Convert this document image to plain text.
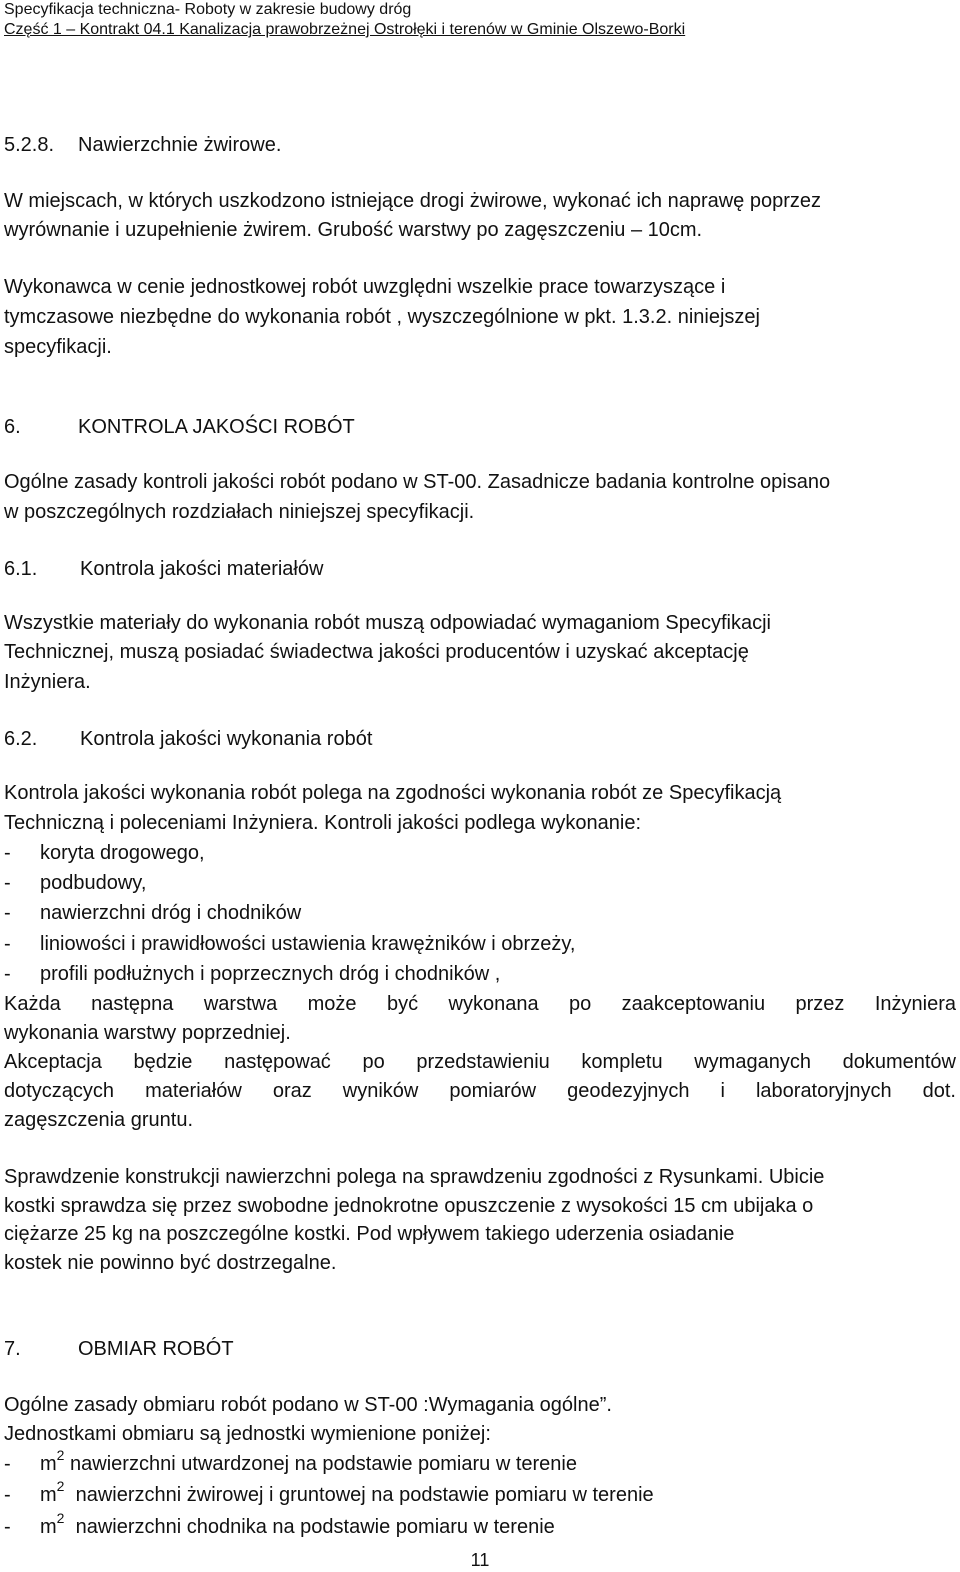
Specyfikacja techniczna- Roboty w zakresie budowy dróg
Część 1 – Kontrakt 04.1 Kanalizacja prawobrzeżnej Ostrołęki i terenów w Gminie Olszewo-Borki
5.2.8. Nawierzchnie żwirowe.
W miejscach, w których uszkodzono istniejące drogi żwirowe, wykonać ich naprawę poprzez
wyrównanie i uzupełnienie żwirem. Grubość warstwy po zagęszczeniu – 10cm.
Wykonawca w cenie jednostkowej robót uwzględni wszelkie prace towarzyszące i
tymczasowe niezbędne do wykonania robót , wyszczególnione w pkt. 1.3.2. niniejszej
specyfikacji.
6.	KONTROLA JAKOŚCI ROBÓT
Ogólne zasady kontroli jakości robót podano w ST-00. Zasadnicze badania kontrolne opisano
w poszczególnych rozdziałach niniejszej specyfikacji.
6.1. Kontrola jakości materiałów
Wszystkie materiały do wykonania robót muszą odpowiadać wymaganiom Specyfikacji
Technicznej, muszą posiadać świadectwa jakości producentów i uzyskać akceptację
Inżyniera.
6.2. Kontrola jakości wykonania robót
Kontrola jakości wykonania robót polega na zgodności wykonania robót ze Specyfikacją
Techniczną i poleceniami Inżyniera. Kontroli jakości podlega wykonanie:
- koryta drogowego,
- podbudowy,
- nawierzchni dróg i chodników
- liniowości i prawidłowości ustawienia krawężników i obrzeży,
- profili podłużnych i poprzecznych dróg i chodników ,
Każda następna warstwa może być wykonana po zaakceptowaniu przez Inżyniera
wykonania warstwy poprzedniej.
Akceptacja będzie następować po przedstawieniu kompletu wymaganych dokumentów
dotyczących materiałów oraz wyników pomiarów geodezyjnych i laboratoryjnych dot.
zagęszczenia gruntu.
Sprawdzenie konstrukcji nawierzchni polega na sprawdzeniu zgodności z Rysunkami. Ubicie
kostki sprawdza się przez swobodne jednokrotne opuszczenie z wysokości 15 cm ubijaka o
ciężarze 25 kg na poszczególne kostki. Pod wpływem takiego uderzenia osiadanie
kostek nie powinno być dostrzegalne.
7.	OBMIAR ROBÓT
Ogólne zasady obmiaru robót podano w ST-00 :Wymagania ogólne”.
Jednostkami obmiaru są jednostki wymienione poniżej:
- $m^2$ nawierzchni utwardzonej na podstawie pomiaru w terenie
- $m^2$ nawierzchni żwirowej i gruntowej na podstawie pomiaru w terenie
- $m^2$ nawierzchni chodnika na podstawie pomiaru w terenie
11
